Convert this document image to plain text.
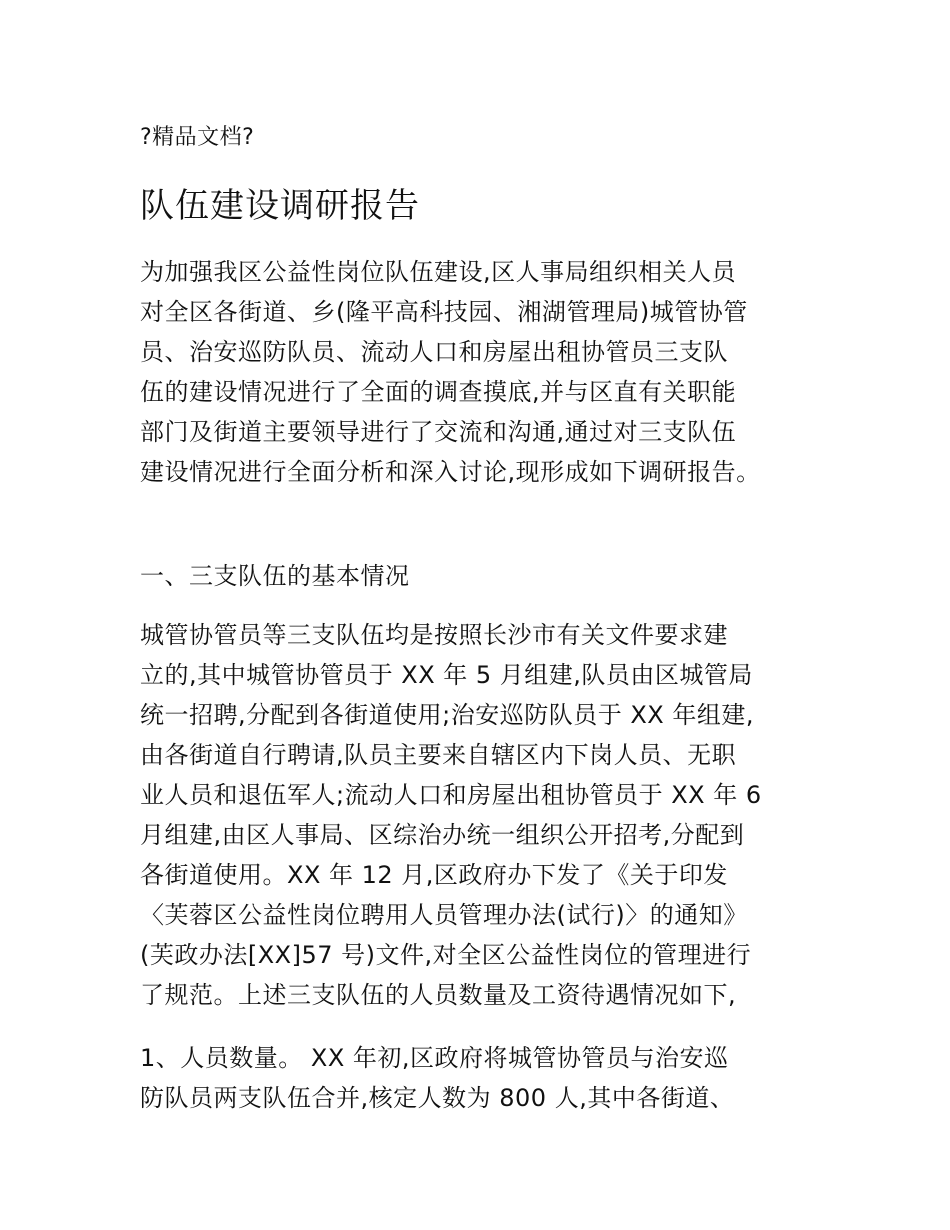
?精品文档?
队伍建设调研报告
为加强我区公益性岗位队伍建设,区人事局组织相关人员
对全区各街道、乡(隆平高科技园、湘湖管理局)城管协管
员、治安巡防队员、流动人口和房屋出租协管员三支队
伍的建设情况进行了全面的调查摸底,并与区直有关职能
部门及街道主要领导进行了交流和沟通,通过对三支队伍
建设情况进行全面分析和深入讨论,现形成如下调研报告。
一、三支队伍的基本情况
城管协管员等三支队伍均是按照长沙市有关文件要求建
立的,其中城管协管员于 XX 年 5 月组建,队员由区城管局
统一招聘,分配到各街道使用;治安巡防队员于 XX 年组建,
由各街道自行聘请,队员主要来自辖区内下岗人员、无职
业人员和退伍军人;流动人口和房屋出租协管员于 XX 年 6
月组建,由区人事局、区综治办统一组织公开招考,分配到
各街道使用。XX 年 12 月,区政府办下发了《关于印发
〈芙蓉区公益性岗位聘用人员管理办法(试行)〉的通知》
(芙政办法[XX]57 号)文件,对全区公益性岗位的管理进行
了规范。上述三支队伍的人员数量及工资待遇情况如下,
1、人员数量。 XX 年初,区政府将城管协管员与治安巡
防队员两支队伍合并,核定人数为 800 人,其中各街道、
